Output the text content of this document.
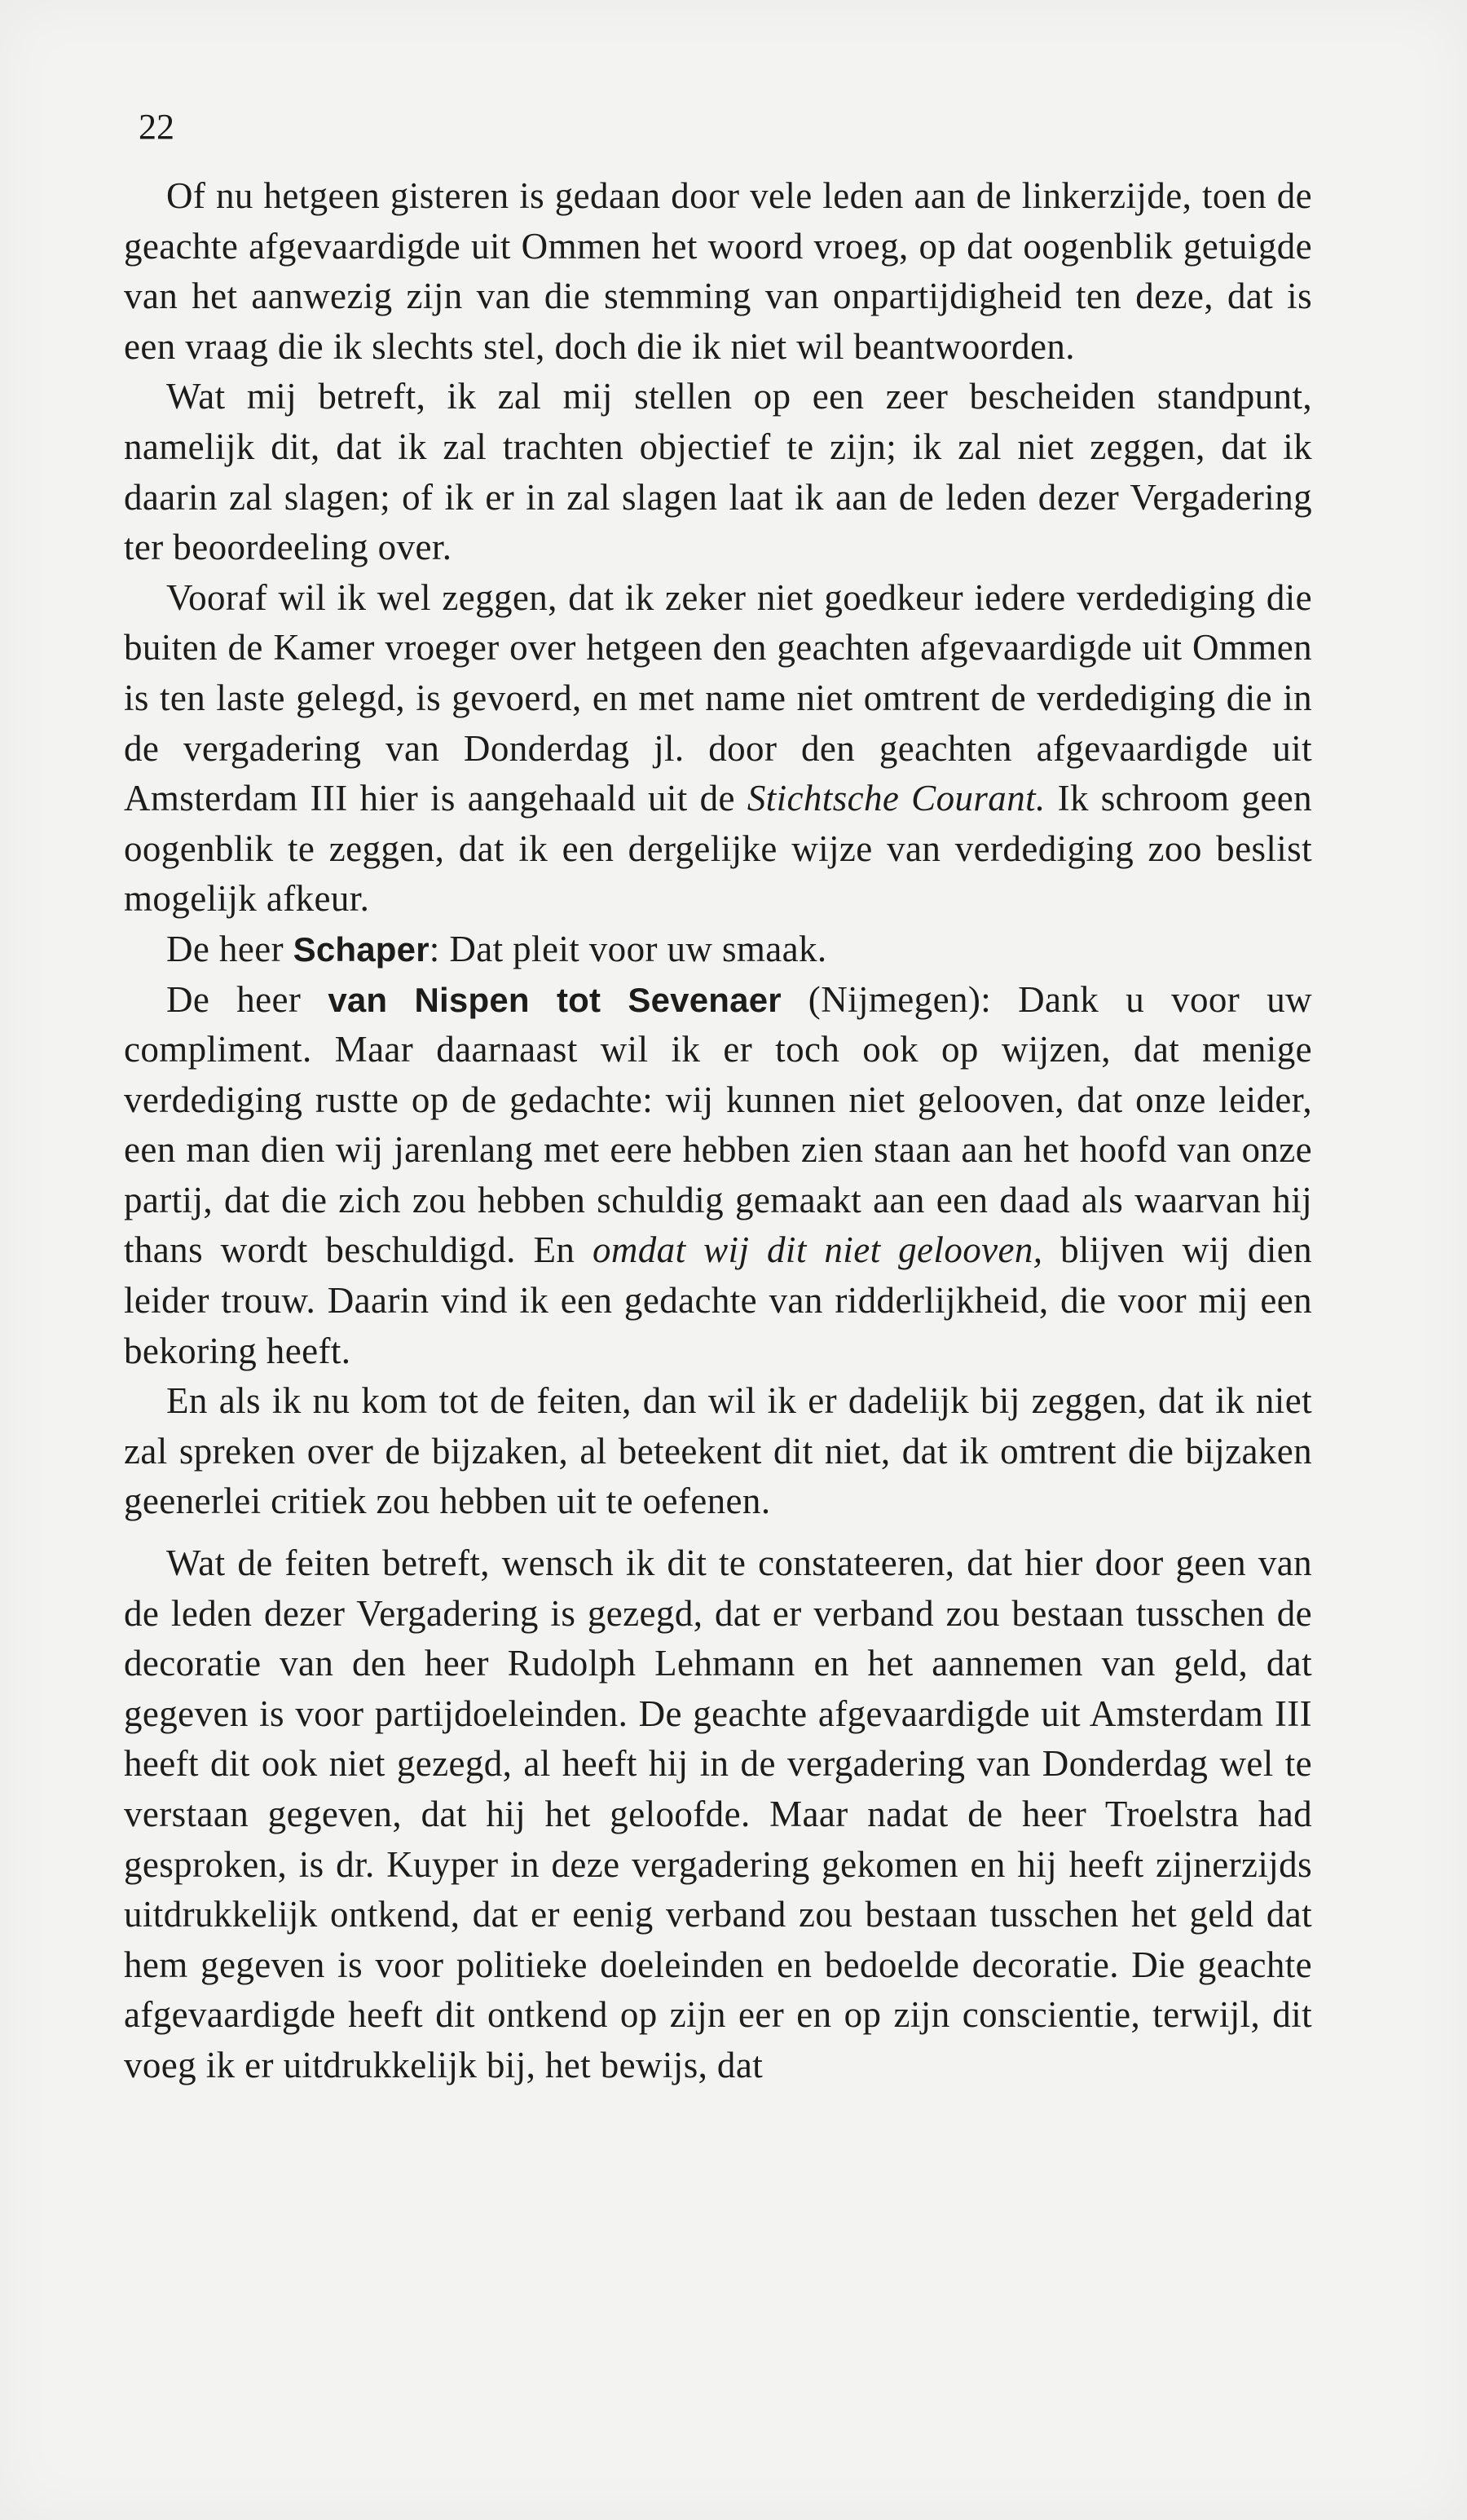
22

Of nu hetgeen gisteren is gedaan door vele leden aan de linkerzijde, toen de geachte afgevaardigde uit Ommen het woord vroeg, op dat oogenblik getuigde van het aanwezig zijn van die stemming van onpartijdigheid ten deze, dat is een vraag die ik slechts stel, doch die ik niet wil beantwoorden.

Wat mij betreft, ik zal mij stellen op een zeer bescheiden standpunt, namelijk dit, dat ik zal trachten objectief te zijn; ik zal niet zeggen, dat ik daarin zal slagen; of ik er in zal slagen laat ik aan de leden dezer Vergadering ter beoordeeling over.

Vooraf wil ik wel zeggen, dat ik zeker niet goedkeur iedere verdediging die buiten de Kamer vroeger over hetgeen den geachten afgevaardigde uit Ommen is ten laste gelegd, is gevoerd, en met name niet omtrent de verdediging die in de vergadering van Donderdag jl. door den geachten afgevaardigde uit Amsterdam III hier is aangehaald uit de Stichtsche Courant. Ik schroom geen oogenblik te zeggen, dat ik een dergelijke wijze van verdediging zoo beslist mogelijk afkeur.

De heer Schaper: Dat pleit voor uw smaak.

De heer van Nispen tot Sevenaer (Nijmegen): Dank u voor uw compliment. Maar daarnaast wil ik er toch ook op wijzen, dat menige verdediging rustte op de gedachte: wij kunnen niet gelooven, dat onze leider, een man dien wij jarenlang met eere hebben zien staan aan het hoofd van onze partij, dat die zich zou hebben schuldig gemaakt aan een daad als waarvan hij thans wordt beschuldigd. En omdat wij dit niet gelooven, blijven wij dien leider trouw. Daarin vind ik een gedachte van ridderlijkheid, die voor mij een bekoring heeft.

En als ik nu kom tot de feiten, dan wil ik er dadelijk bij zeggen, dat ik niet zal spreken over de bijzaken, al beteekent dit niet, dat ik omtrent die bijzaken geenerlei critiek zou hebben uit te oefenen.

Wat de feiten betreft, wensch ik dit te constateeren, dat hier door geen van de leden dezer Vergadering is gezegd, dat er verband zou bestaan tusschen de decoratie van den heer Rudolph Lehmann en het aannemen van geld, dat gegeven is voor partijdoeleinden. De geachte afgevaardigde uit Amsterdam III heeft dit ook niet gezegd, al heeft hij in de vergadering van Donderdag wel te verstaan gegeven, dat hij het geloofde. Maar nadat de heer Troelstra had gesproken, is dr. Kuyper in deze vergadering gekomen en hij heeft zijnerzijds uitdrukkelijk ontkend, dat er eenig verband zou bestaan tusschen het geld dat hem gegeven is voor politieke doeleinden en bedoelde decoratie. Die geachte afgevaardigde heeft dit ontkend op zijn eer en op zijn conscientie, terwijl, dit voeg ik er uitdrukkelijk bij, het bewijs, dat
